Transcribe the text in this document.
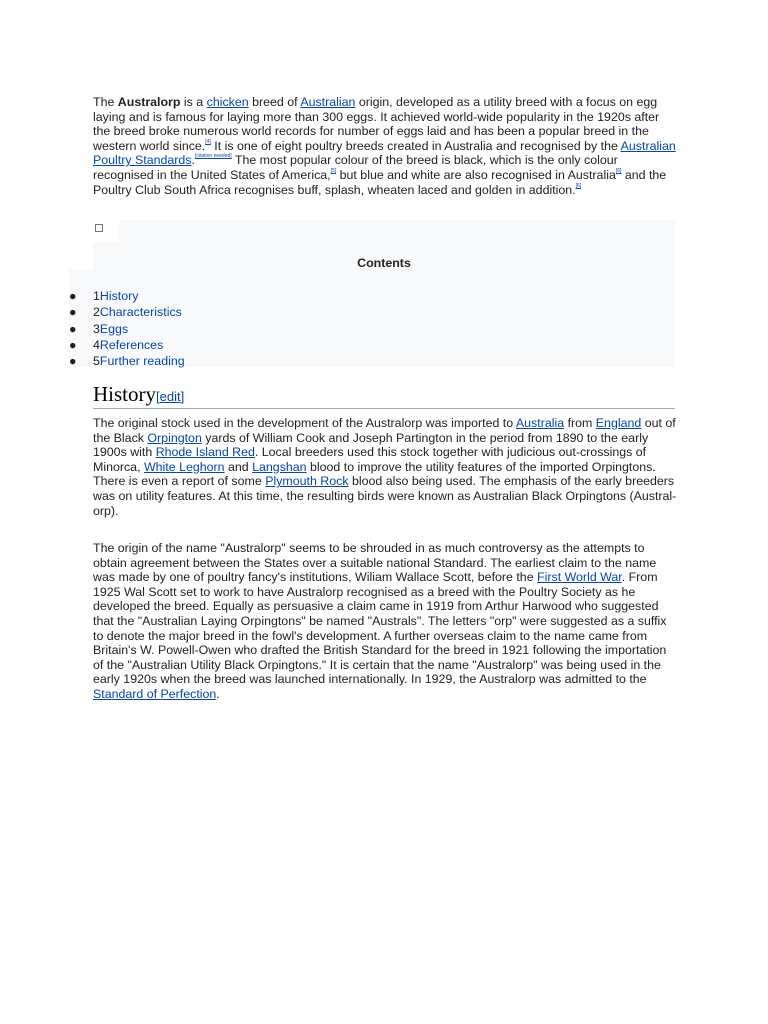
The Australorp is a chicken breed of Australian origin, developed as a utility breed with a focus on egg laying and is famous for laying more than 300 eggs. It achieved world-wide popularity in the 1920s after the breed broke numerous world records for number of eggs laid and has been a popular breed in the western world since.[4] It is one of eight poultry breeds created in Australia and recognised by the Australian Poultry Standards.[citation needed] The most popular colour of the breed is black, which is the only colour recognised in the United States of America,[5] but blue and white are also recognised in Australia[6] and the Poultry Club South Africa recognises buff, splash, wheaten laced and golden in addition.[6]

Contents
● 1History
● 2Characteristics
● 3Eggs
● 4References
● 5Further reading
History[edit]

The original stock used in the development of the Australorp was imported to Australia from England out of the Black Orpington yards of William Cook and Joseph Partington in the period from 1890 to the early 1900s with Rhode Island Red. Local breeders used this stock together with judicious out-crossings of Minorca, White Leghorn and Langshan blood to improve the utility features of the imported Orpingtons. There is even a report of some Plymouth Rock blood also being used. The emphasis of the early breeders was on utility features. At this time, the resulting birds were known as Australian Black Orpingtons (Austral-orp).

The origin of the name "Australorp" seems to be shrouded in as much controversy as the attempts to obtain agreement between the States over a suitable national Standard. The earliest claim to the name was made by one of poultry fancy's institutions, Wiliam Wallace Scott, before the First World War. From 1925 Wal Scott set to work to have Australorp recognised as a breed with the Poultry Society as he developed the breed. Equally as persuasive a claim came in 1919 from Arthur Harwood who suggested that the "Australian Laying Orpingtons" be named "Australs". The letters "orp" were suggested as a suffix to denote the major breed in the fowl's development. A further overseas claim to the name came from Britain's W. Powell-Owen who drafted the British Standard for the breed in 1921 following the importation of the "Australian Utility Black Orpingtons." It is certain that the name "Australorp" was being used in the early 1920s when the breed was launched internationally. In 1929, the Australorp was admitted to the Standard of Perfection.
